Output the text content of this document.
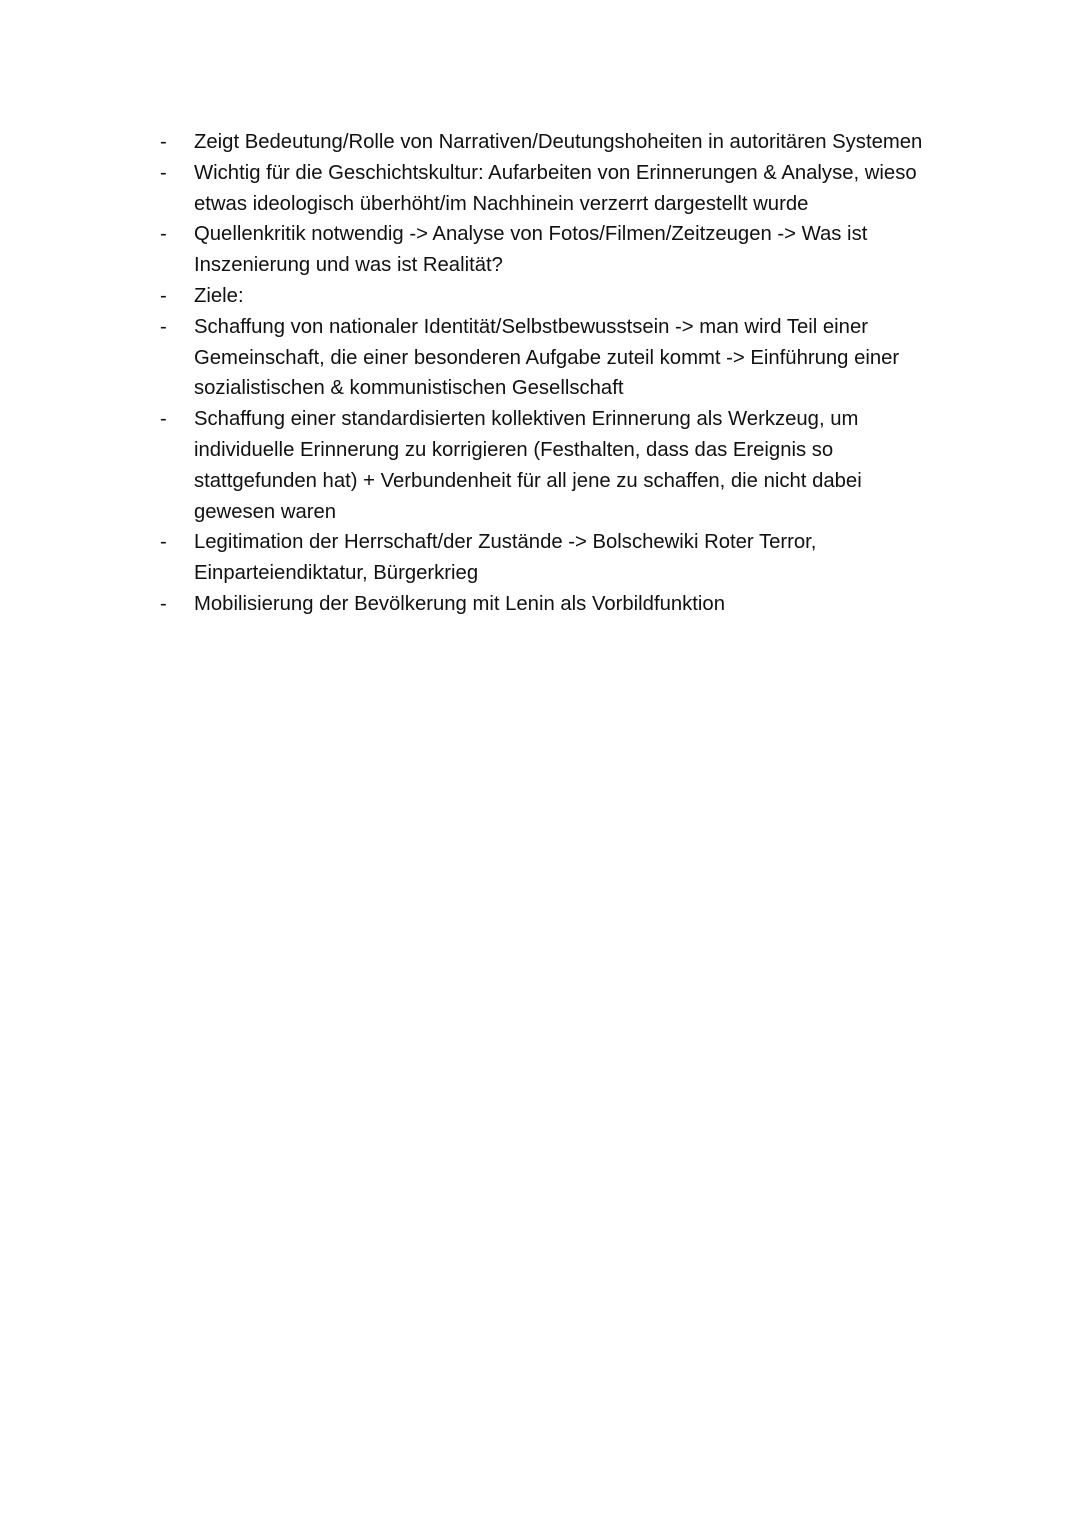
- Zeigt Bedeutung/Rolle von Narrativen/Deutungshoheiten in autoritären Systemen
- Wichtig für die Geschichtskultur: Aufarbeiten von Erinnerungen & Analyse, wieso
etwas ideologisch überhöht/im Nachhinein verzerrt dargestellt wurde
- Quellenkritik notwendig -> Analyse von Fotos/Filmen/Zeitzeugen -> Was ist
Inszenierung und was ist Realität?
- Ziele:
- Schaffung von nationaler Identität/Selbstbewusstsein -> man wird Teil einer
Gemeinschaft, die einer besonderen Aufgabe zuteil kommt -> Einführung einer
sozialistischen & kommunistischen Gesellschaft
- Schaffung einer standardisierten kollektiven Erinnerung als Werkzeug, um
individuelle Erinnerung zu korrigieren (Festhalten, dass das Ereignis so
stattgefunden hat) + Verbundenheit für all jene zu schaffen, die nicht dabei
gewesen waren
- Legitimation der Herrschaft/der Zustände -> Bolschewiki Roter Terror,
Einparteiendiktatur, Bürgerkrieg
- Mobilisierung der Bevölkerung mit Lenin als Vorbildfunktion
